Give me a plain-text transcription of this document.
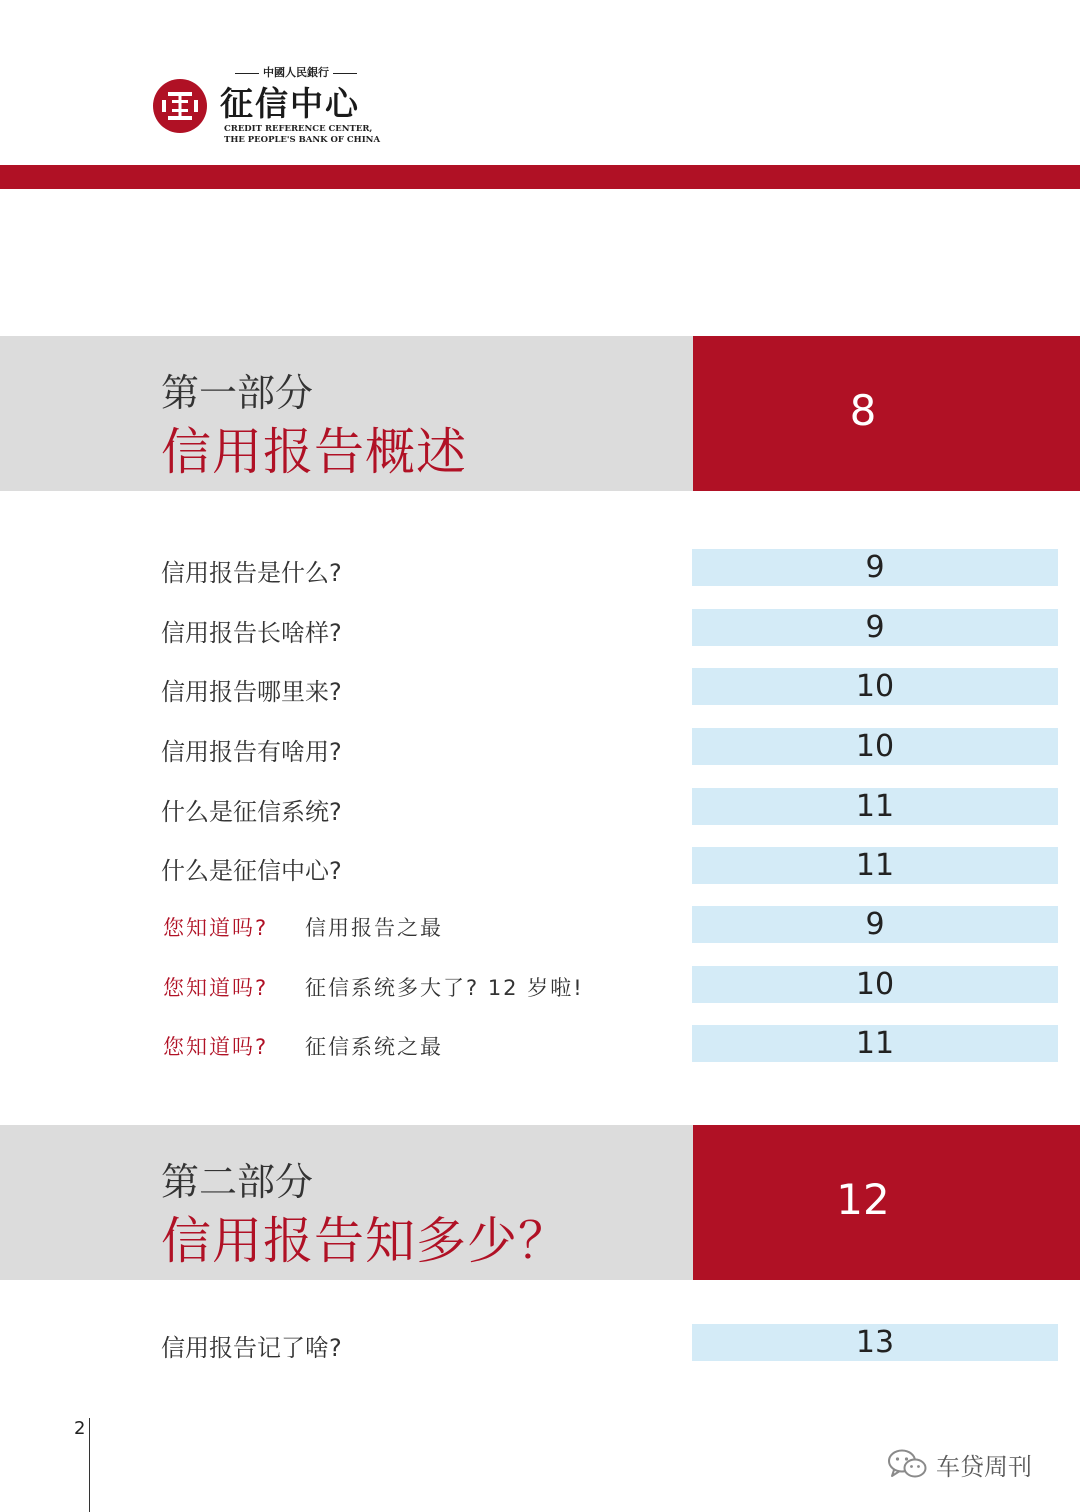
中國人民銀行
征信中心
CREDIT REFERENCE CENTER,
THE PEOPLE'S BANK OF CHINA
第一部分
信用报告概述
8
信用报告是什么?	9
信用报告长啥样?	9
信用报告哪里来?	10
信用报告有啥用?	10
什么是征信系统?	11
什么是征信中心?	11
您知道吗? 信用报告之最	9
您知道吗? 征信系统多大了? 12 岁啦!	10
您知道吗? 征信系统之最	11
第二部分
信用报告知多少？
12
信用报告记了啥?	13
2
车贷周刊
